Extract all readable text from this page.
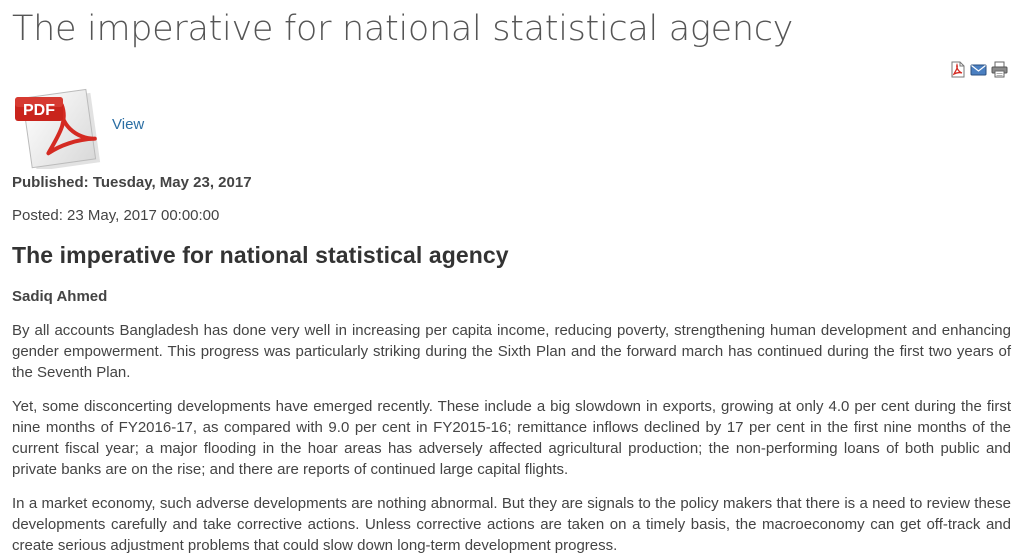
The imperative for national statistical agency
PDF
View
Published: Tuesday, May 23, 2017
Posted: 23 May, 2017 00:00:00
The imperative for national statistical agency
Sadiq Ahmed

By all accounts Bangladesh has done very well in increasing per capita income, reducing poverty, strengthening human development and enhancing gender empowerment. This progress was particularly striking during the Sixth Plan and the forward march has continued during the first two years of the Seventh Plan.

Yet, some disconcerting developments have emerged recently. These include a big slowdown in exports, growing at only 4.0 per cent during the first nine months of FY2016-17, as compared with 9.0 per cent in FY2015-16; remittance inflows declined by 17 per cent in the first nine months of the current fiscal year; a major flooding in the hoar areas has adversely affected agricultural production; the non-performing loans of both public and private banks are on the rise; and there are reports of continued large capital flights.

In a market economy, such adverse developments are nothing abnormal. But they are signals to the policy makers that there is a need to review these developments carefully and take corrective actions. Unless corrective actions are taken on a timely basis, the macroeconomy can get off-track and create serious adjustment problems that could slow down long-term development progress.
